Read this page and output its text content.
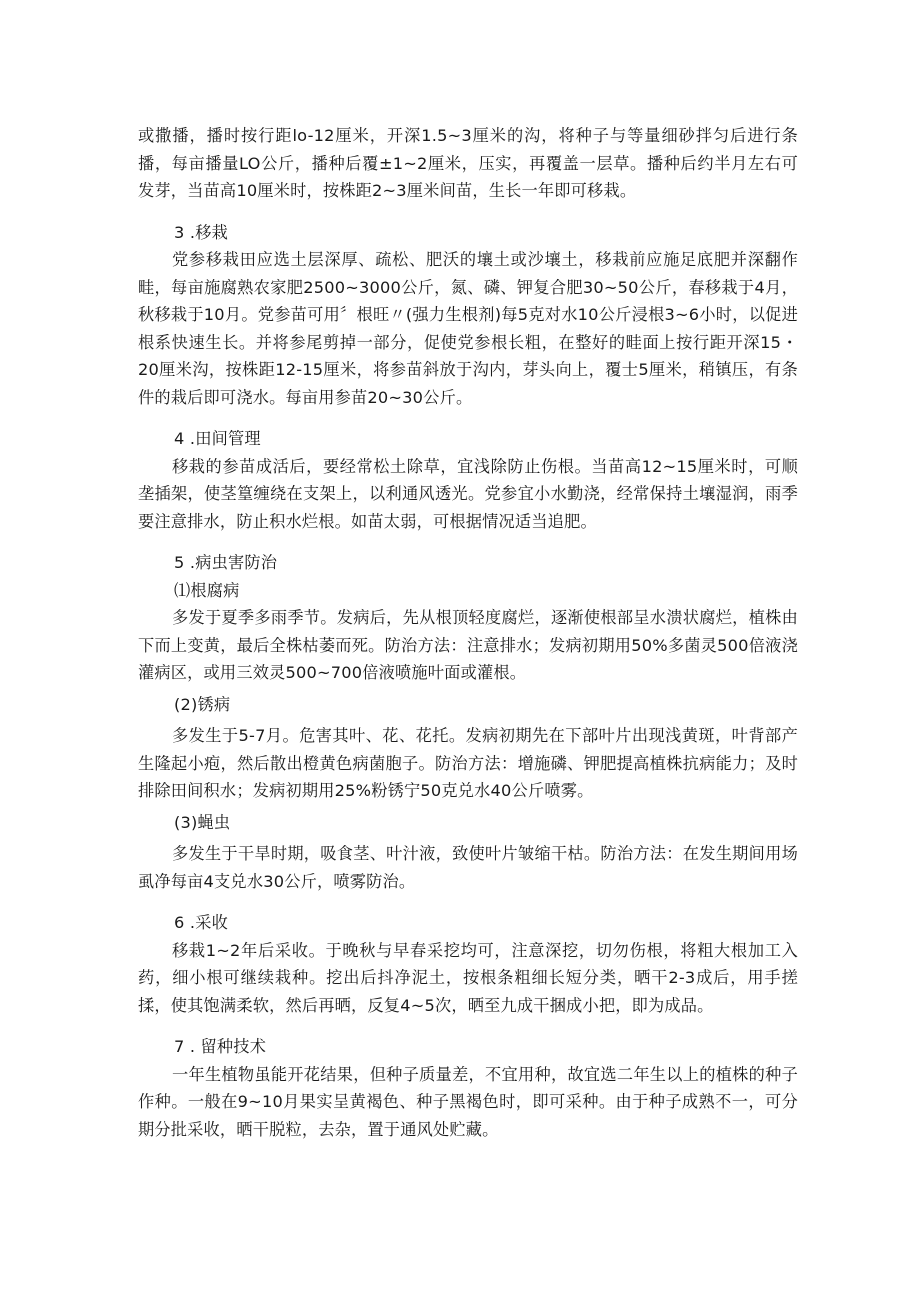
或撒播，播时按行距lo-12厘米，开深1.5~3厘米的沟，将种子与等量细砂拌匀后进行条播，每亩播量LO公斤，播种后覆±1~2厘米，压实，再覆盖一层草。播种后约半月左右可发芽，当苗高10厘米时，按株距2~3厘米间苗，生长一年即可移栽。

3 .移栽

党参移栽田应选土层深厚、疏松、肥沃的壤土或沙壤土，移栽前应施足底肥并深翻作畦，每亩施腐熟农家肥2500~3000公斤，氮、磷、钾复合肥30~50公斤，春移栽于4月，秋移栽于10月。党参苗可用〞根旺〃(强力生根剂)每5克对水10公斤浸根3~6小时，以促进根系快速生长。并将参尾剪掉一部分，促使党参根长粗，在整好的畦面上按行距开深15・20厘米沟，按株距12-15厘米，将参苗斜放于沟内，芽头向上，覆士5厘米，稍镇压，有条件的栽后即可浇水。每亩用参苗20~30公斤。

4 .田间管理

移栽的参苗成活后，要经常松土除草，宜浅除防止伤根。当苗高12~15厘米时，可顺垄插架，使茎篁缠绕在支架上，以利通风透光。党参宜小水勤浇，经常保持土壤湿润，雨季要注意排水，防止积水烂根。如苗太弱，可根据情况适当追肥。

5 .病虫害防治

⑴根腐病

多发于夏季多雨季节。发病后，先从根顶轻度腐烂，逐渐使根部呈水溃状腐烂，植株由下而上变黄，最后全株枯萎而死。防治方法：注意排水；发病初期用50%多菌灵500倍液浇灌病区，或用三效灵500~700倍液喷施叶面或灌根。

(2)锈病

多发生于5-7月。危害其叶、花、花托。发病初期先在下部叶片出现浅黄斑，叶背部产生隆起小疱，然后散出橙黄色病菌胞子。防治方法：增施磷、钾肥提高植株抗病能力；及时排除田间积水；发病初期用25%粉锈宁50克兑水40公斤喷雾。

(3)蝇虫

多发生于干旱时期，吸食茎、叶汁液，致使叶片皱缩干枯。防治方法：在发生期间用场虱净每亩4支兑水30公斤，喷雾防治。

6 .采收

移栽1~2年后采收。于晚秋与早春采挖均可，注意深挖，切勿伤根，将粗大根加工入药，细小根可继续栽种。挖出后抖净泥土，按根条粗细长短分类，晒干2-3成后，用手搓揉，使其饱满柔软，然后再晒，反复4~5次，晒至九成干捆成小把，即为成品。

7 . 留种技术

一年生植物虽能开花结果，但种子质量差，不宜用种，故宜选二年生以上的植株的种子作种。一般在9~10月果实呈黄褐色、种子黑褐色时，即可采种。由于种子成熟不一，可分期分批采收，晒干脱粒，去杂，置于通风处贮藏。
